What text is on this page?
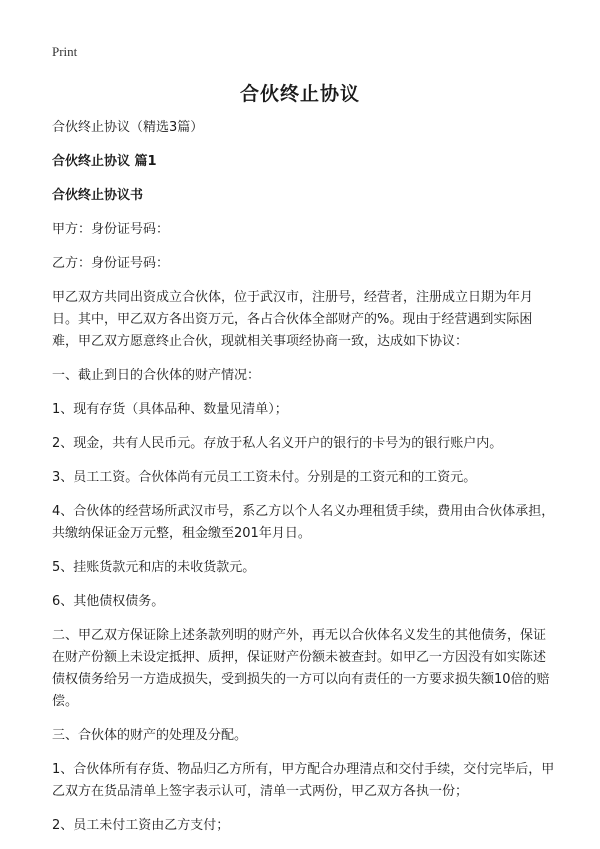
Print
合伙终止协议

合伙终止协议（精选3篇）

合伙终止协议 篇1

合伙终止协议书

甲方：身份证号码：

乙方：身份证号码：

甲乙双方共同出资成立合伙体，位于武汉市，注册号，经营者，注册成立日期为年月日。其中，甲乙双方各出资万元，各占合伙体全部财产的%。现由于经营遇到实际困难，甲乙双方愿意终止合伙，现就相关事项经协商一致，达成如下协议：

一、截止到日的合伙体的财产情况：

1、现有存货（具体品种、数量见清单）；

2、现金，共有人民币元。存放于私人名义开户的银行的卡号为的银行账户内。

3、员工工资。合伙体尚有元员工工资未付。分别是的工资元和的工资元。

4、合伙体的经营场所武汉市号，系乙方以个人名义办理租赁手续，费用由合伙体承担，共缴纳保证金万元整，租金缴至201年月日。

5、挂账货款元和店的未收货款元。

6、其他债权债务。

二、甲乙双方保证除上述条款列明的财产外，再无以合伙体名义发生的其他债务，保证在财产份额上未设定抵押、质押，保证财产份额未被查封。如甲乙一方因没有如实陈述债权债务给另一方造成损失，受到损失的一方可以向有责任的一方要求损失额10倍的赔偿。

三、合伙体的财产的处理及分配。

1、合伙体所有存货、物品归乙方所有，甲方配合办理清点和交付手续，交付完毕后，甲乙双方在货品清单上签字表示认可，清单一式两份，甲乙双方各执一份；

2、员工未付工资由乙方支付；
